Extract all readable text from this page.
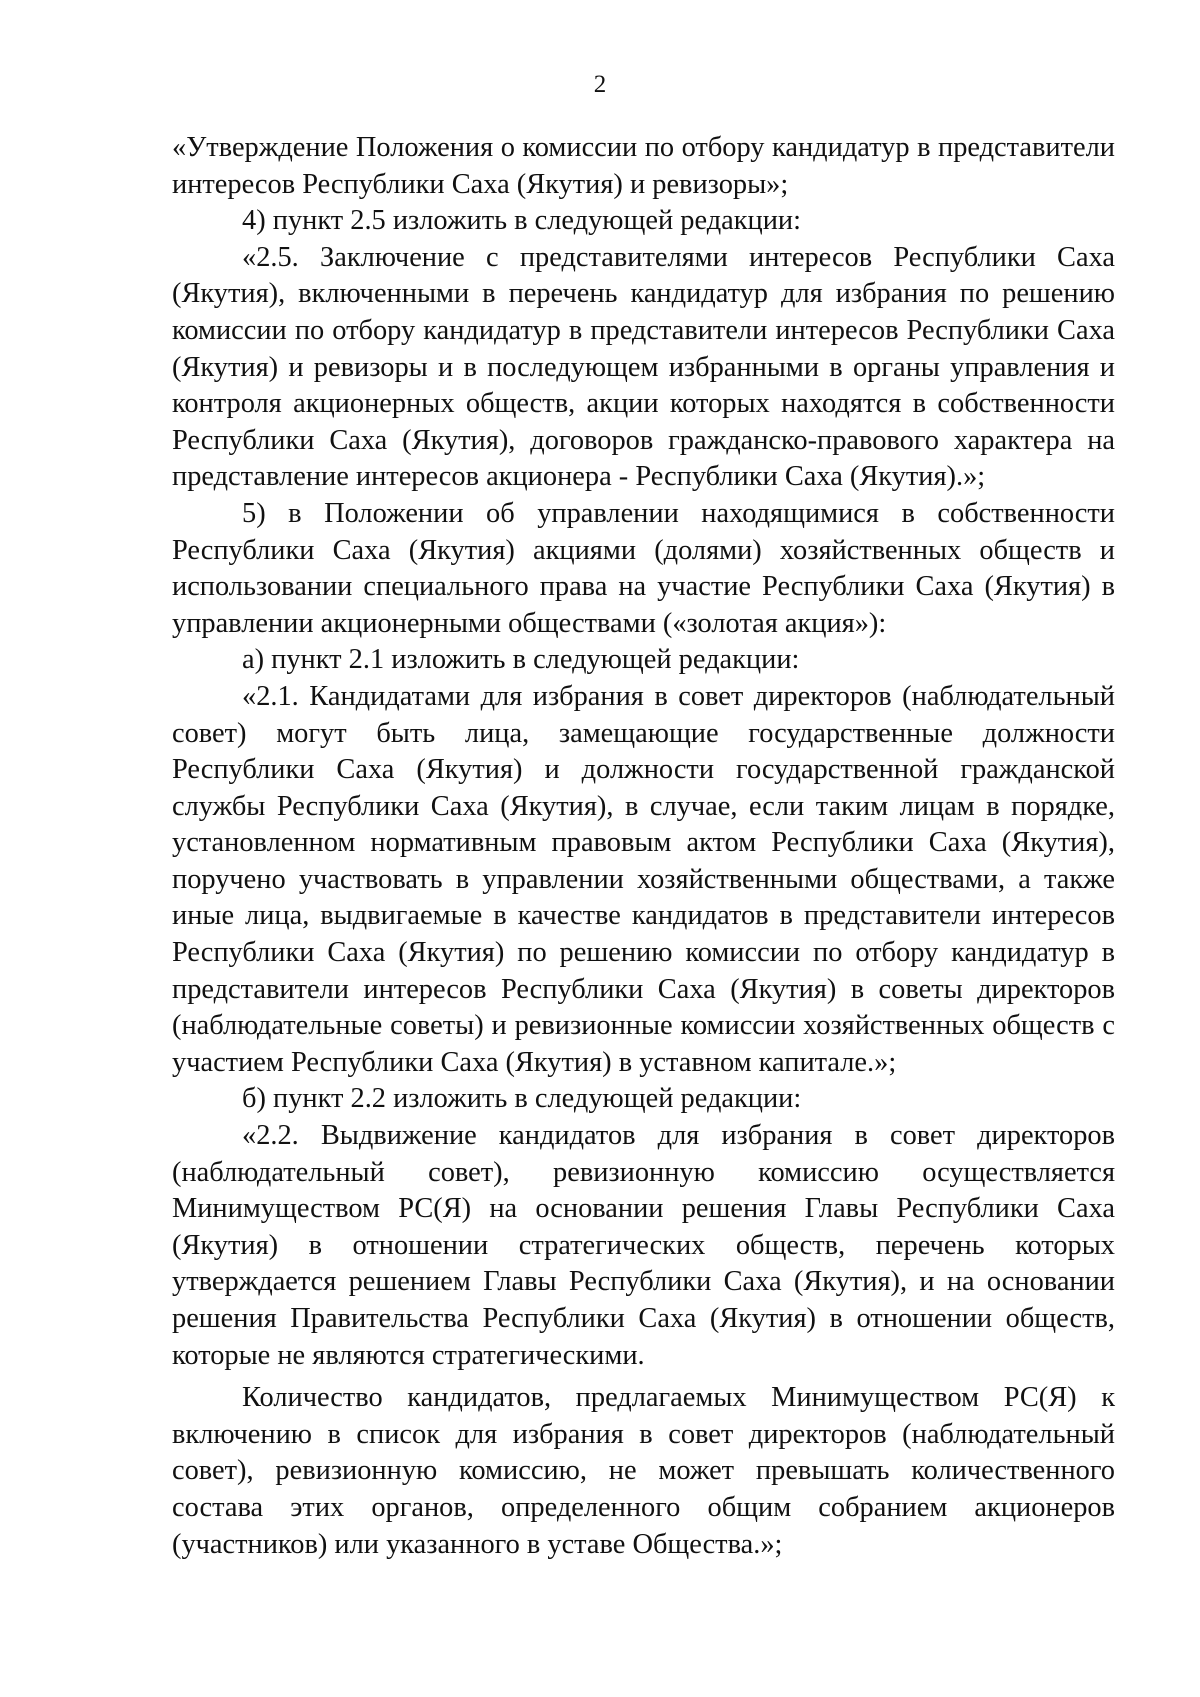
2

«Утверждение Положения о комиссии по отбору кандидатур в представители интересов Республики Саха (Якутия) и ревизоры»;

4) пункт 2.5 изложить в следующей редакции:

«2.5. Заключение с представителями интересов Республики Саха (Якутия), включенными в перечень кандидатур для избрания по решению комиссии по отбору кандидатур в представители интересов Республики Саха (Якутия) и ревизоры и в последующем избранными в органы управления и контроля акционерных обществ, акции которых находятся в собственности Республики Саха (Якутия), договоров гражданско-правового характера на представление интересов акционера - Республики Саха (Якутия).»;

5) в Положении об управлении находящимися в собственности Республики Саха (Якутия) акциями (долями) хозяйственных обществ и использовании специального права на участие Республики Саха (Якутия) в управлении акционерными обществами («золотая акция»):

а) пункт 2.1 изложить в следующей редакции:

«2.1. Кандидатами для избрания в совет директоров (наблюдательный совет) могут быть лица, замещающие государственные должности Республики Саха (Якутия) и должности государственной гражданской службы Республики Саха (Якутия), в случае, если таким лицам в порядке, установленном нормативным правовым актом Республики Саха (Якутия), поручено участвовать в управлении хозяйственными обществами, а также иные лица, выдвигаемые в качестве кандидатов в представители интересов Республики Саха (Якутия) по решению комиссии по отбору кандидатур в представители интересов Республики Саха (Якутия) в советы директоров (наблюдательные советы) и ревизионные комиссии хозяйственных обществ с участием Республики Саха (Якутия) в уставном капитале.»;

б) пункт 2.2 изложить в следующей редакции:

«2.2. Выдвижение кандидатов для избрания в совет директоров (наблюдательный совет), ревизионную комиссию осуществляется Минимуществом РС(Я) на основании решения Главы Республики Саха (Якутия) в отношении стратегических обществ, перечень которых утверждается решением Главы Республики Саха (Якутия), и на основании решения Правительства Республики Саха (Якутия) в отношении обществ, которые не являются стратегическими.

Количество кандидатов, предлагаемых Минимуществом РС(Я) к включению в список для избрания в совет директоров (наблюдательный совет), ревизионную комиссию, не может превышать количественного состава этих органов, определенного общим собранием акционеров (участников) или указанного в уставе Общества.»;
